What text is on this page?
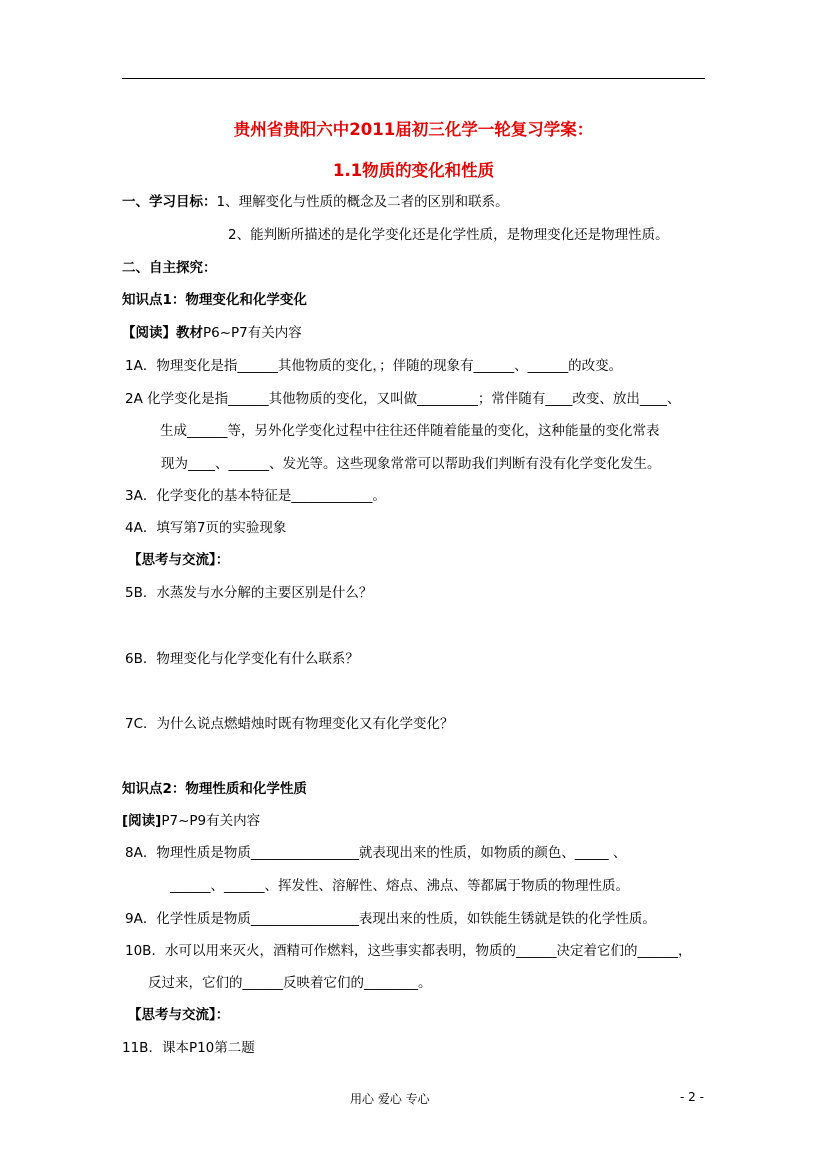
贵州省贵阳六中2011届初三化学一轮复习学案：
1.1物质的变化和性质
一、学习目标：1、理解变化与性质的概念及二者的区别和联系。
2、能判断所描述的是化学变化还是化学性质，是物理变化还是物理性质。
二、自主探究：
知识点1：物理变化和化学变化
【阅读】教材P6~P7有关内容
1A．物理变化是指______其他物质的变化，；伴随的现象有______、______的改变。
2A 化学变化是指______其他物质的变化，又叫做_________；常伴随有____改变、放出____、
生成______等，另外化学变化过程中往往还伴随着能量的变化，这种能量的变化常表
现为____、______、发光等。这些现象常常可以帮助我们判断有没有化学变化发生。
3A．化学变化的基本特征是____________。
4A．填写第7页的实验现象
【思考与交流】：
5B．水蒸发与水分解的主要区别是什么？
6B．物理变化与化学变化有什么联系？
7C．为什么说点燃蜡烛时既有物理变化又有化学变化？
知识点2：物理性质和化学性质
[阅读]P7~P9有关内容
8A．物理性质是物质________________就表现出来的性质，如物质的颜色、_____ 、
______、______、挥发性、溶解性、熔点、沸点、等都属于物质的物理性质。
9A．化学性质是物质________________表现出来的性质，如铁能生锈就是铁的化学性质。
10B．水可以用来灭火，酒精可作燃料，这些事实都表明，物质的______决定着它们的______，
反过来，它们的______反映着它们的________。
【思考与交流】：
11B．课本P10第二题
用心 爱心 专心	- 2 -
